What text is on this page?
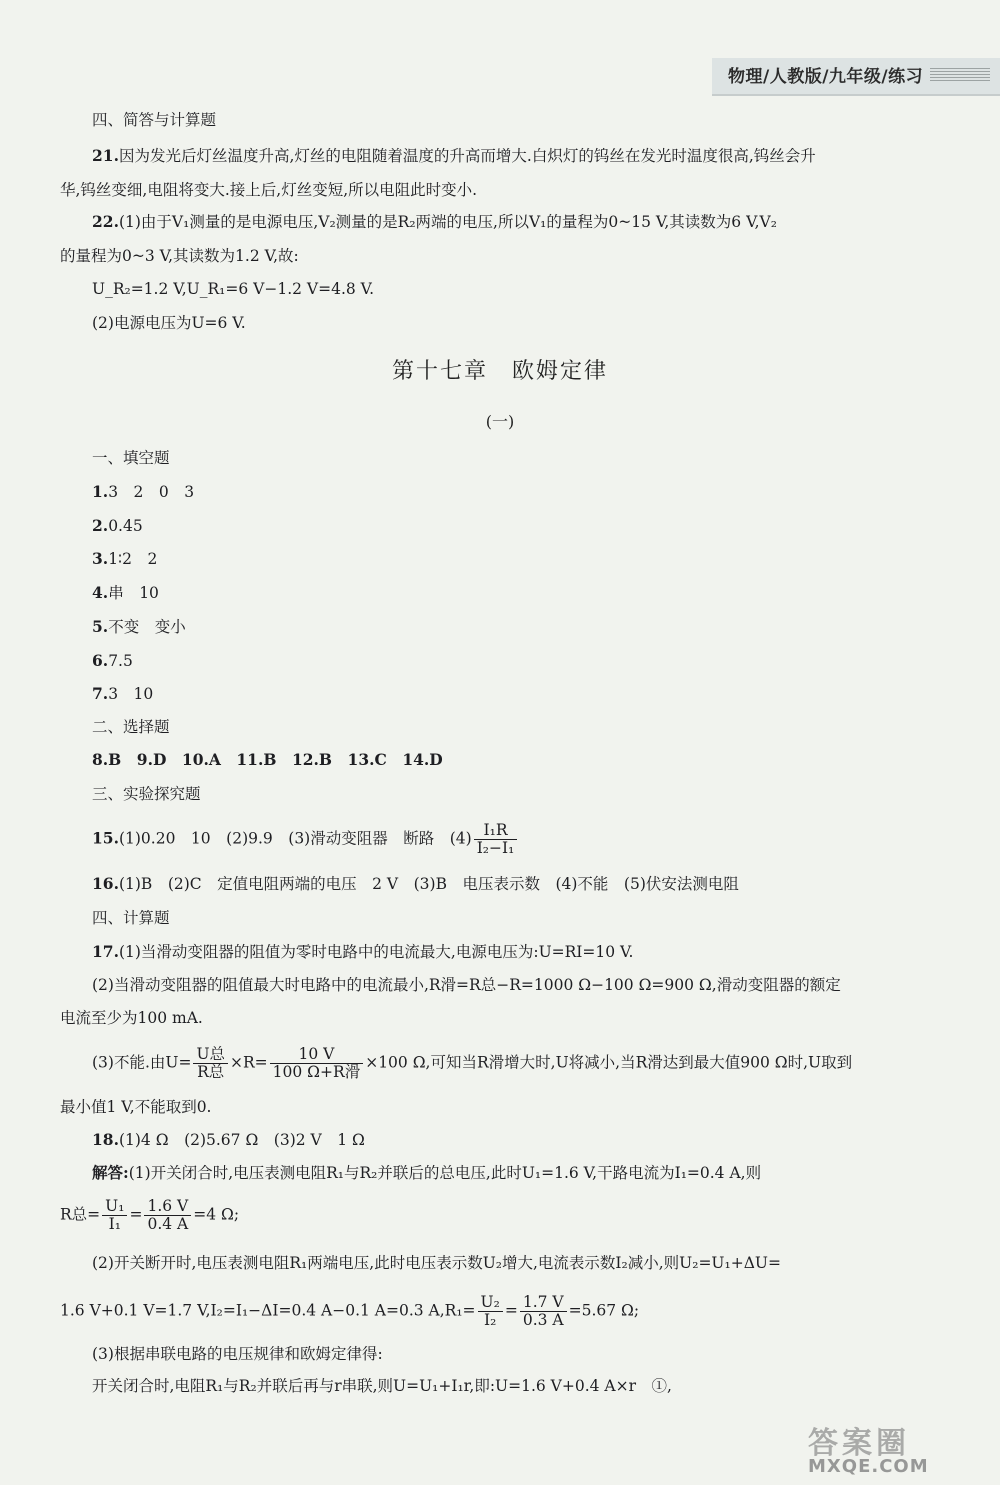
物理/人教版/九年级/练习
四、简答与计算题
21.因为发光后灯丝温度升高,灯丝的电阻随着温度的升高而增大.白炽灯的钨丝在发光时温度很高,钨丝会升
华,钨丝变细,电阻将变大.接上后,灯丝变短,所以电阻此时变小.
22.(1)由于V₁测量的是电源电压,V₂测量的是R₂两端的电压,所以V₁的量程为0~15 V,其读数为6 V,V₂
的量程为0~3 V,其读数为1.2 V,故:
U_R₂=1.2 V,U_R₁=6 V−1.2 V=4.8 V.
(2)电源电压为U=6 V.
第十七章　欧姆定律
(一)
一、填空题
1.3　2　0　3
2.0.45
3.1∶2　2
4.串　10
5.不变　变小
6.7.5
7.3　10
二、选择题
8.B　9.D　10.A　11.B　12.B　13.C　14.D
三、实验探究题
15.(1)0.20　10　(2)9.9　(3)滑动变阻器　断路　$(4) \frac{\text{I₁R}}{\text{I₂−I₁}}$
16.(1)B　(2)C　定值电阻两端的电压　2 V　(3)B　电压表示数　(4)不能　(5)伏安法测电阻
四、计算题
17.(1)当滑动变阻器的阻值为零时电路中的电流最大,电源电压为:U=RI=10 V.
(2)当滑动变阻器的阻值最大时电路中的电流最小,R滑=R总−R=1000 Ω−100 Ω=900 Ω,滑动变阻器的额定
电流至少为100 mA.
(3)不能.由$U= \frac{\text{U总}}{\text{R总}} \times R= \frac{10 V}{\text{100 Ω+R滑}} \times 100$ Ω,可知当R滑增大时,U将减小,当R滑达到最大值900 Ω时,U取到
最小值1 V,不能取到0.
18.(1)4 Ω　(2)5.67 Ω　(3)2 V　1 Ω
解答:(1)开关闭合时,电压表测电阻R₁与R₂并联后的总电压,此时U₁=1.6 V,干路电流为I₁=0.4 A,则
R总= $\frac{\text{U₁}}{\text{I₁}} = \frac{1.6 V}{0.4 A} =4$ Ω;
(2)开关断开时,电压表测电阻R₁两端电压,此时电压表示数U₂增大,电流表示数I₂减小,则U₂=U₁+ΔU=
1.6 V+0.1 V=1.7 V,I₂=I₁−ΔI=0.4 A−0.1 A=0.3 $A,R_1= \frac{\text{U₂}}{\text{I₂}} = \frac{1.7 V}{0.3 A} =5.67$ Ω;
(3)根据串联电路的电压规律和欧姆定律得:
开关闭合时,电阻R₁与R₂并联后再与r串联,则U=U₁+I₁r,即:U=1.6 V+0.4 A×r　①,
答案圈
MXQE.COM
